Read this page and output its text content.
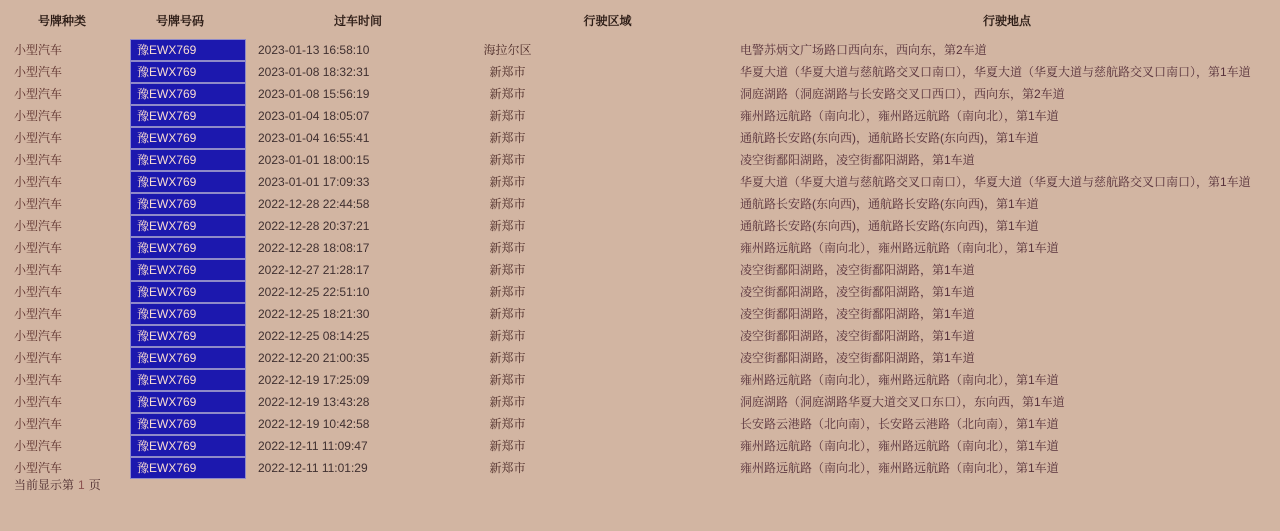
号牌种类	号牌号码	过车时间	行驶区域	行驶地点
小型汽车	豫EWX769	2023-01-13 16:58:10	海拉尔区	电警苏炳文广场路口西向东，西向东，第2车道
小型汽车	豫EWX769	2023-01-08 18:32:31	新郑市	华夏大道（华夏大道与慈航路交叉口南口），华夏大道（华夏大道与慈航路交叉口南口），第1车道
小型汽车	豫EWX769	2023-01-08 15:56:19	新郑市	洞庭湖路（洞庭湖路与长安路交叉口西口），西向东，第2车道
小型汽车	豫EWX769	2023-01-04 18:05:07	新郑市	雍州路远航路（南向北），雍州路远航路（南向北），第1车道
小型汽车	豫EWX769	2023-01-04 16:55:41	新郑市	通航路长安路(东向西)，通航路长安路(东向西)，第1车道
小型汽车	豫EWX769	2023-01-01 18:00:15	新郑市	凌空街鄱阳湖路，凌空街鄱阳湖路，第1车道
小型汽车	豫EWX769	2023-01-01 17:09:33	新郑市	华夏大道（华夏大道与慈航路交叉口南口），华夏大道（华夏大道与慈航路交叉口南口），第1车道
小型汽车	豫EWX769	2022-12-28 22:44:58	新郑市	通航路长安路(东向西)，通航路长安路(东向西)，第1车道
小型汽车	豫EWX769	2022-12-28 20:37:21	新郑市	通航路长安路(东向西)，通航路长安路(东向西)，第1车道
小型汽车	豫EWX769	2022-12-28 18:08:17	新郑市	雍州路远航路（南向北），雍州路远航路（南向北），第1车道
小型汽车	豫EWX769	2022-12-27 21:28:17	新郑市	凌空街鄱阳湖路，凌空街鄱阳湖路，第1车道
小型汽车	豫EWX769	2022-12-25 22:51:10	新郑市	凌空街鄱阳湖路，凌空街鄱阳湖路，第1车道
小型汽车	豫EWX769	2022-12-25 18:21:30	新郑市	凌空街鄱阳湖路，凌空街鄱阳湖路，第1车道
小型汽车	豫EWX769	2022-12-25 08:14:25	新郑市	凌空街鄱阳湖路，凌空街鄱阳湖路，第1车道
小型汽车	豫EWX769	2022-12-20 21:00:35	新郑市	凌空街鄱阳湖路，凌空街鄱阳湖路，第1车道
小型汽车	豫EWX769	2022-12-19 17:25:09	新郑市	雍州路远航路（南向北），雍州路远航路（南向北），第1车道
小型汽车	豫EWX769	2022-12-19 13:43:28	新郑市	洞庭湖路（洞庭湖路华夏大道交叉口东口），东向西，第1车道
小型汽车	豫EWX769	2022-12-19 10:42:58	新郑市	长安路云港路（北向南），长安路云港路（北向南），第1车道
小型汽车	豫EWX769	2022-12-11 11:09:47	新郑市	雍州路远航路（南向北），雍州路远航路（南向北），第1车道
小型汽车	豫EWX769	2022-12-11 11:01:29	新郑市	雍州路远航路（南向北），雍州路远航路（南向北），第1车道
当前显示第 1 页
